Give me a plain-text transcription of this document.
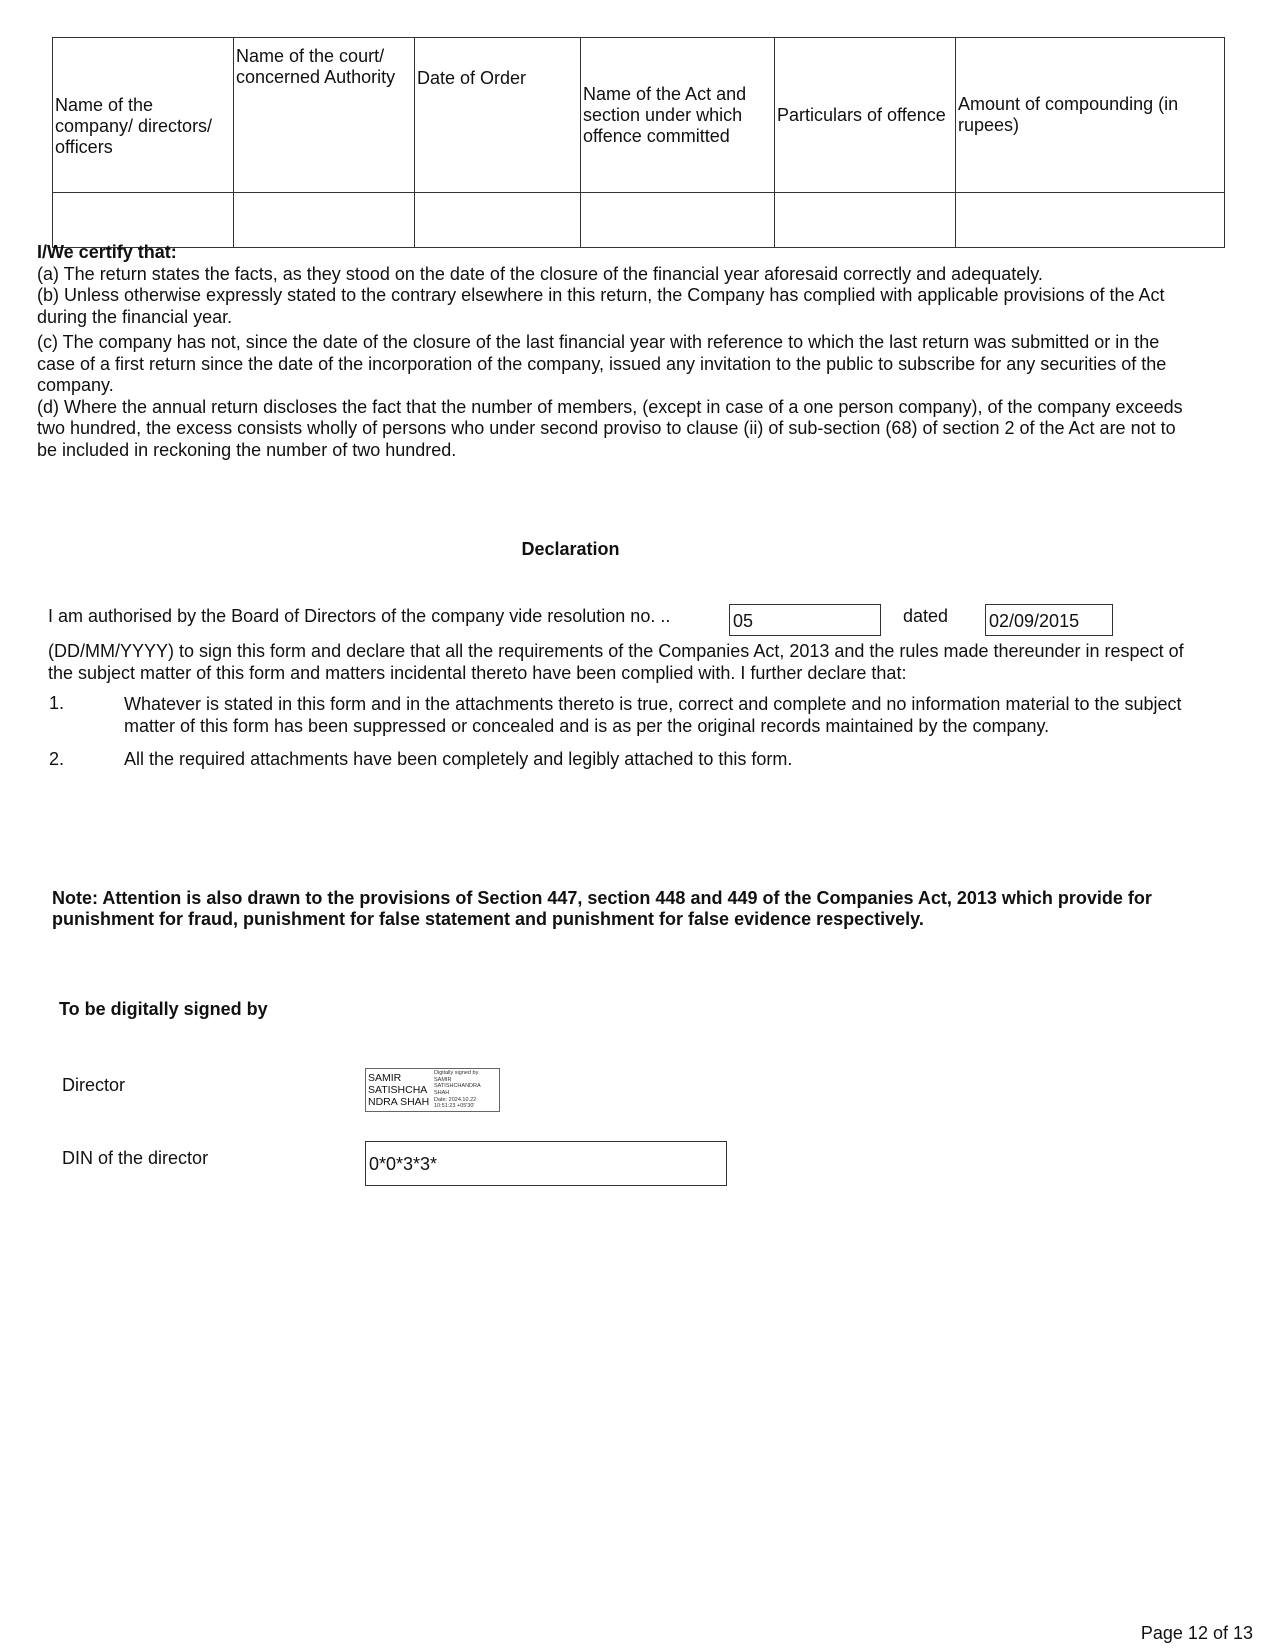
Name of the company/ directors/ officers	Name of the court/ concerned Authority	Date of Order	Name of the Act and section under which offence committed	Particulars of offence	Amount of compounding (in rupees)

I/We certify that:

(a) The return states the facts, as they stood on the date of the closure of the financial year aforesaid correctly and adequately.

(b) Unless otherwise expressly stated to the contrary elsewhere in this return, the Company has complied with applicable provisions of the Act during the financial year.

(c) The company has not, since the date of the closure of the last financial year with reference to which the last return was submitted or in the case of a first return since the date of the incorporation of the company, issued any invitation to the public to subscribe for any securities of the company.

(d) Where the annual return discloses the fact that the number of members, (except in case of a one person company), of the company exceeds two hundred, the excess consists wholly of persons who under second proviso to clause (ii) of sub-section (68) of section 2 of the Act are not to be included in reckoning the number of two hundred.

Declaration
I am authorised by the Board of Directors of the company vide resolution no. ..	05	dated 02/09/2015
(DD/MM/YYYY) to sign this form and declare that all the requirements of the Companies Act, 2013 and the rules made thereunder in respect of the subject matter of this form and matters incidental thereto have been complied with. I further declare that:
1.	Whatever is stated in this form and in the attachments thereto is true, correct and complete and no information material to the subject matter of this form has been suppressed or concealed and is as per the original records maintained by the company.
2.	All the required attachments have been completely and legibly attached to this form.
Note: Attention is also drawn to the provisions of Section 447, section 448 and 449 of the Companies Act, 2013 which provide for punishment for fraud, punishment for false statement and punishment for false evidence respectively.
To be digitally signed by
Director	SAMIR SATISHCHA NDRA SHAH
Digitally signed by
SAMIR
SATISHCHANDRA
SHAH
Date: 2024.10.22
10:51:23 +05'30'
DIN of the director	0*0*3*3*
Page 12 of 13
